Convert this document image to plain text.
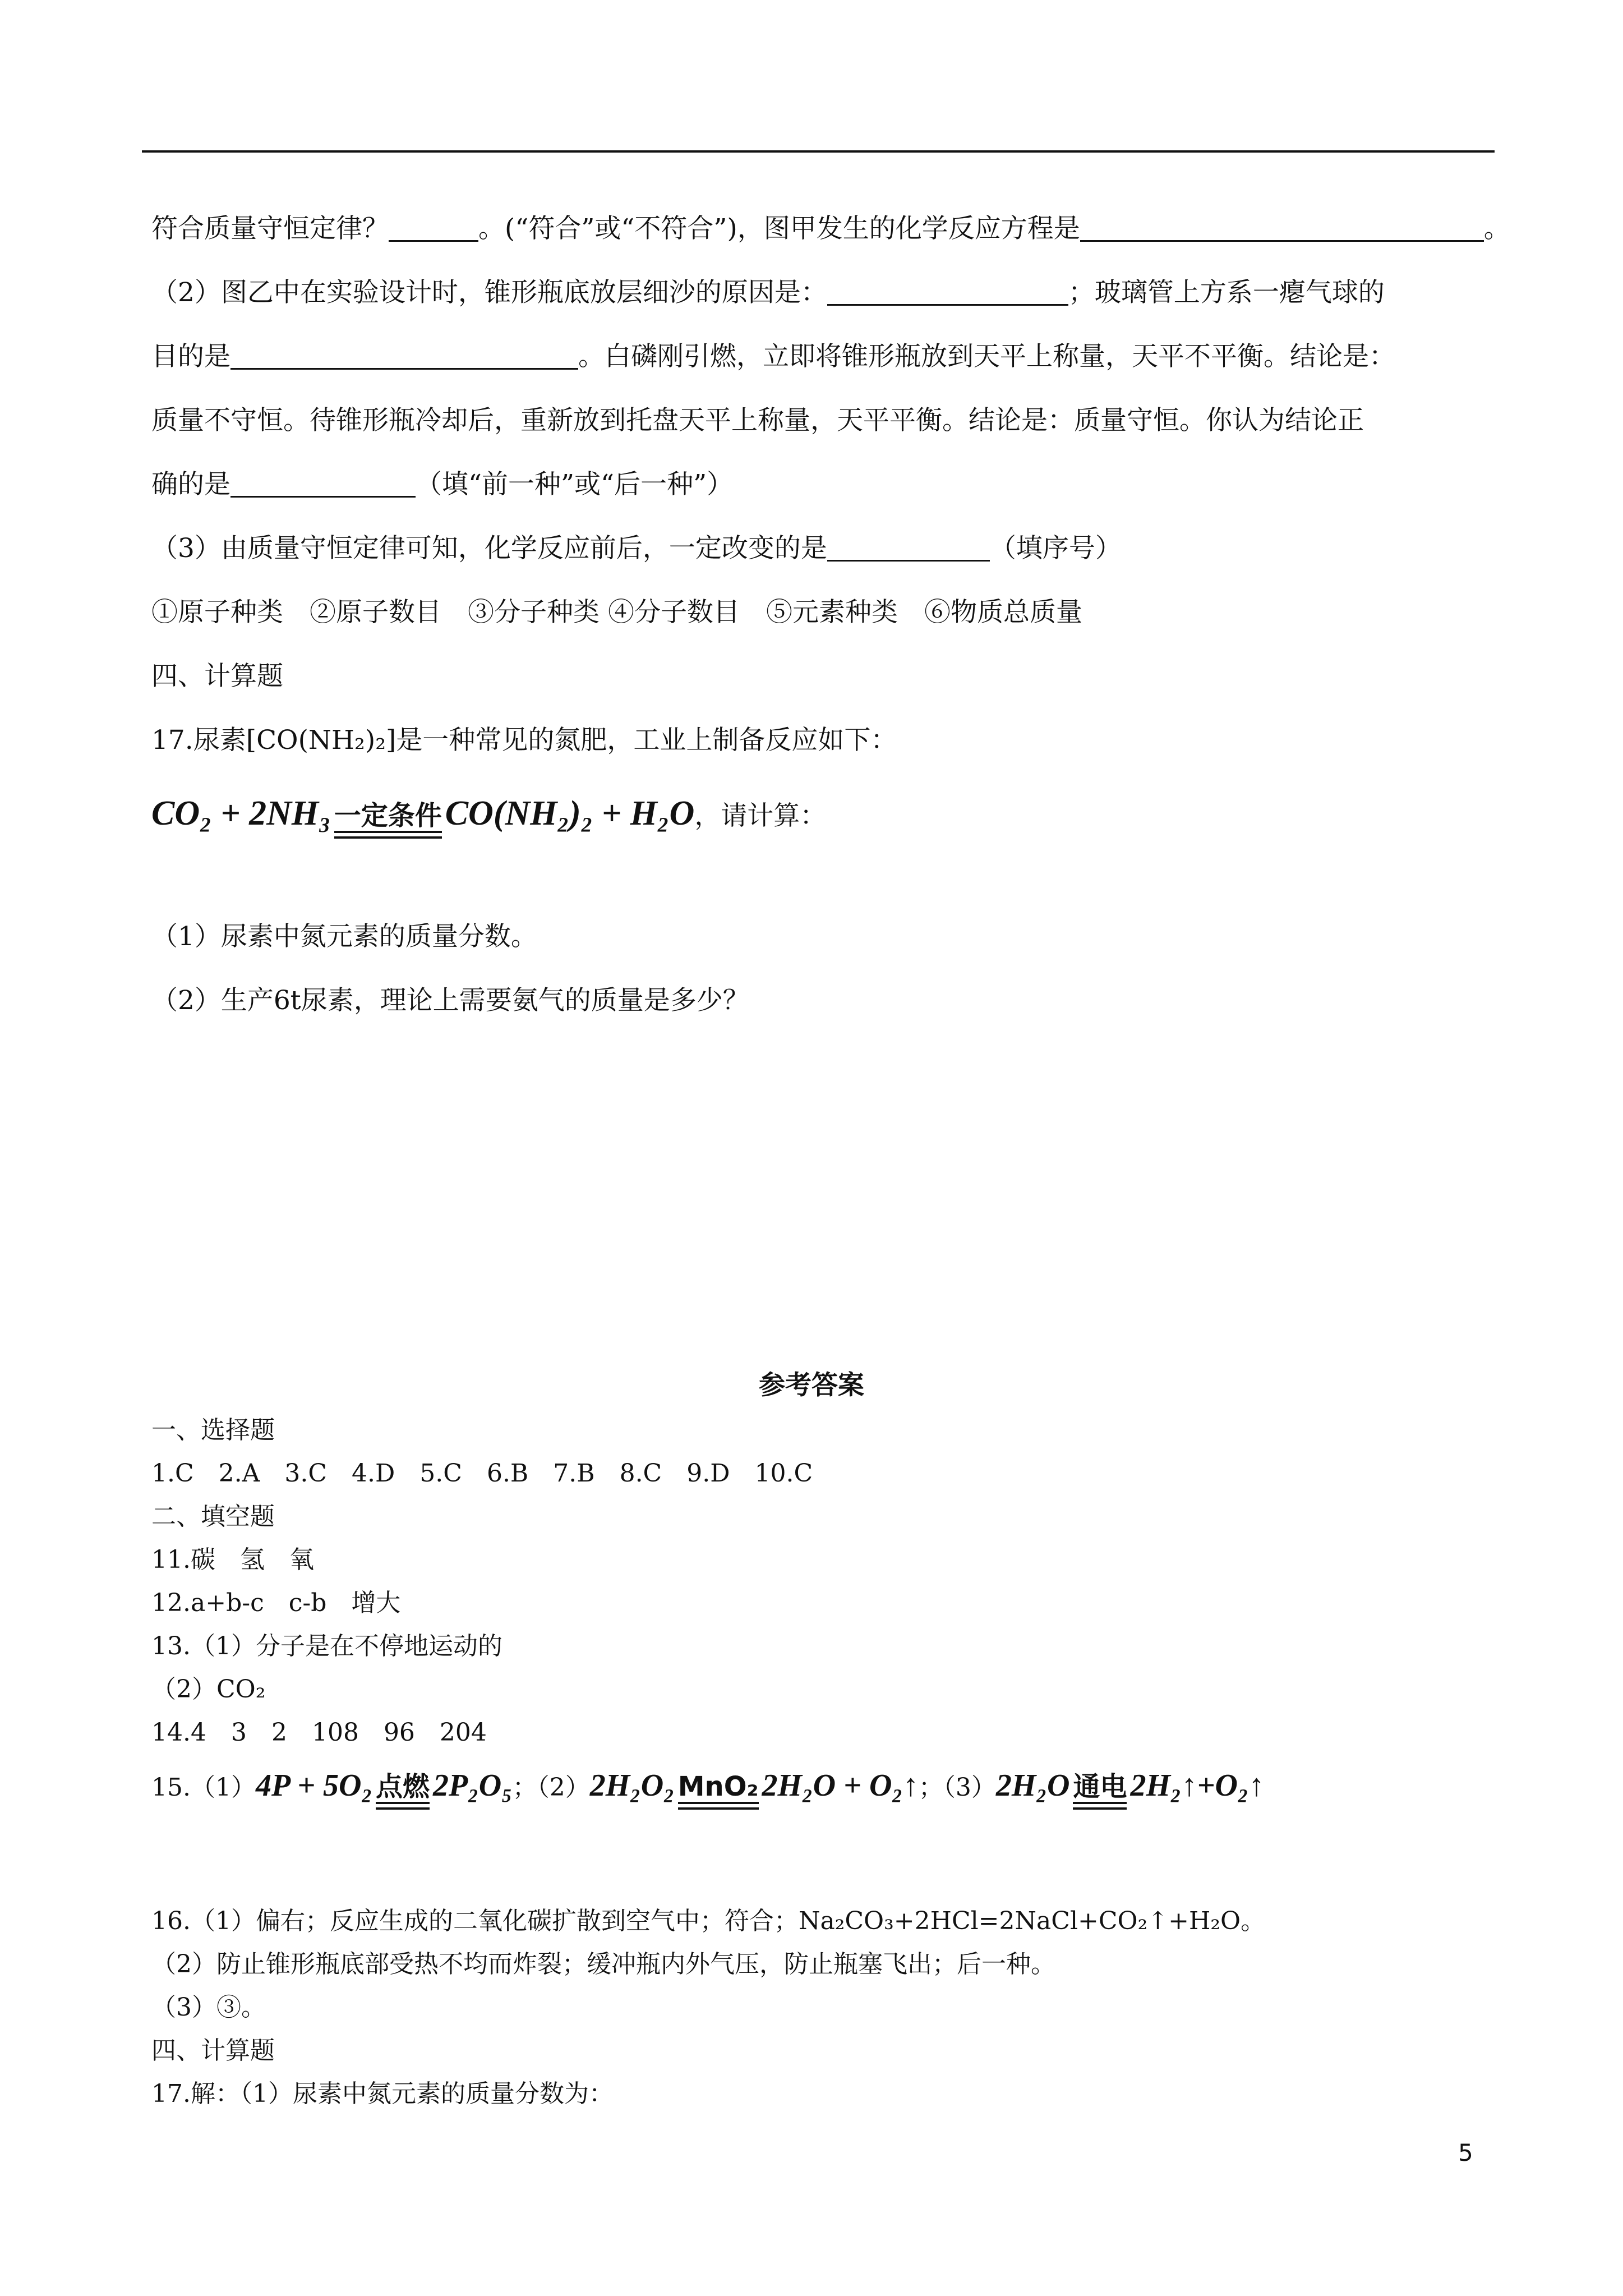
符合质量守恒定律？	。(“符合”或“不符合”)，图甲发生的化学反应方程是	。
（2）图乙中在实验设计时，锥形瓶底放层细沙的原因是：	；玻璃管上方系一瘪气球的
目的是	。白磷刚引燃，立即将锥形瓶放到天平上称量，天平不平衡。结论是：
质量不守恒。待锥形瓶冷却后，重新放到托盘天平上称量，天平平衡。结论是：质量守恒。你认为结论正
确的是	（填“前一种”或“后一种”）
（3）由质量守恒定律可知，化学反应前后，一定改变的是	（填序号）
①原子种类　②原子数目　③分子种类 ④分子数目　⑤元素种类　⑥物质总质量
四、计算题
17.尿素[CO(NH₂)₂]是一种常见的氮肥，工业上制备反应如下：
CO₂ + 2NH₃ 一定条件 CO(NH₂)₂ + H₂O，请计算：
（1）尿素中氮元素的质量分数。
（2）生产6t尿素，理论上需要氨气的质量是多少？
参考答案
一、选择题
1.C　2.A　3.C　4.D　5.C　6.B　7.B　8.C　9.D　10.C
二、填空题
11.碳　氢　氧
12.a+b-c　c-b　增大
13.（1）分子是在不停地运动的
（2）CO₂
14.4　3　2　108　96　204
15.（1）4P + 5O₂ 点燃 2P₂O₅；（2）2H₂O₂ MnO₂ 2H₂O + O₂↑；（3）2H₂O 通电 2H₂↑+O₂↑
16.（1）偏右；反应生成的二氧化碳扩散到空气中；符合；Na₂CO₃+2HCl=2NaCl+CO₂↑+H₂O。
（2）防止锥形瓶底部受热不均而炸裂；缓冲瓶内外气压，防止瓶塞飞出；后一种。
（3）③。
四、计算题
17.解：（1）尿素中氮元素的质量分数为：
5
